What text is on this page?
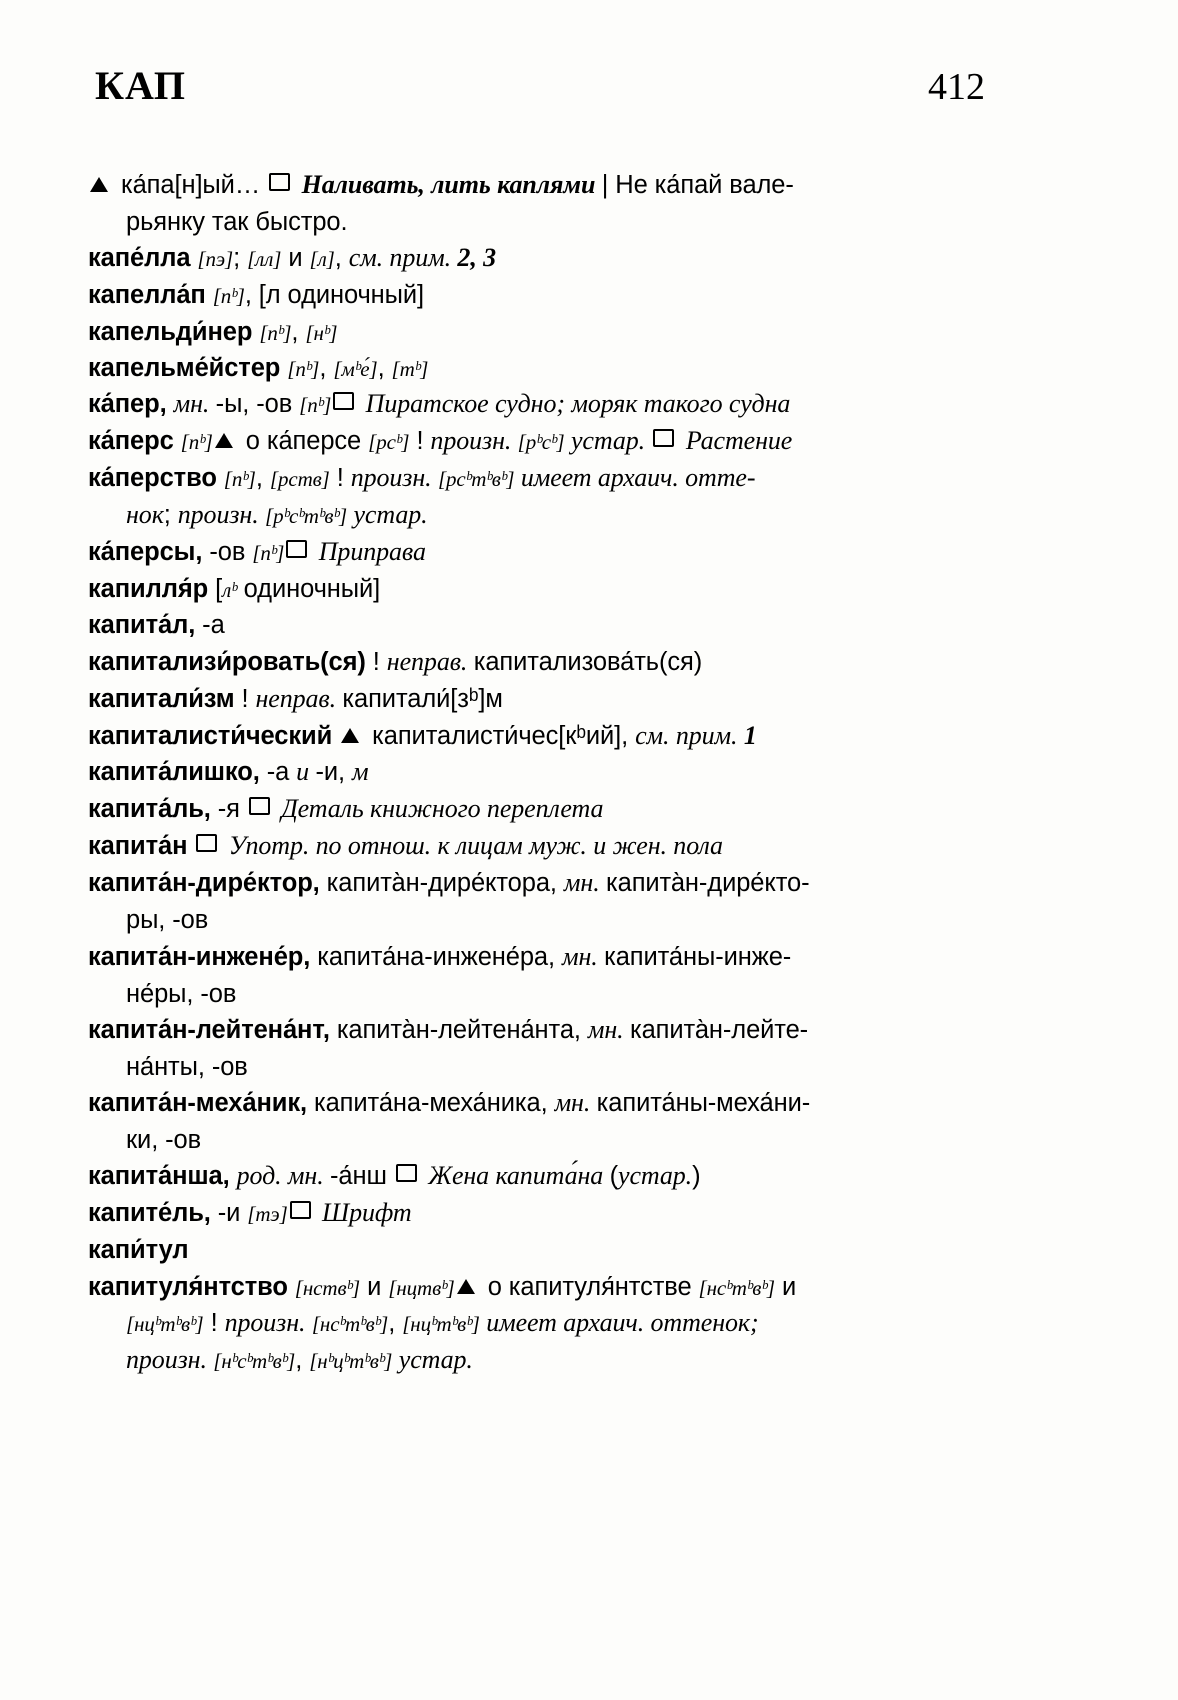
КАП	412
ка́па[н]ый…  Наливать, лить каплями | Не ка́пай вале-
рьянку так быстро.
капе́лла [пэ]; [лл] и [л], см. прим. 2, 3
капелла́п [пᵇ], [л одиночный]
капельди́нер [пᵇ], [нᵇ]
капельме́йстер [пᵇ], [мᵇе́], [тᵇ]
ка́пер, мн. -ы, -ов [пᵇ] Пиратское судно; моряк такого судна
ка́перс [пᵇ] о ка́персе [рсᵇ] ! произн. [рᵇсᵇ] устар.  Растение
ка́перство [пᵇ], [рств] ! произн. [рсᵇтᵇвᵇ] имеет архаич. отте-
нок; произн. [рᵇсᵇтᵇвᵇ] устар.
ка́персы, -ов [пᵇ] Приправа
капилля́р [лᵇ одиночный]
капита́л, -а
капитализи́ровать(ся) ! неправ. капитализова́ть(ся)
капитали́зм ! неправ. капитали́[зᵇ]м
капиталисти́ческий  капиталисти́чес[кᵇий], см. прим. 1
капита́лишко, -а и -и, м
капита́ль, -я  Деталь книжного переплета
капита́н  Употр. по отнош. к лицам муж. и жен. пола
капита́н-дире́ктор, капита̀н-дире́ктора, мн. капита̀н-дире́кто-
ры, -ов
капита́н-инжене́р, капита́на-инжене́ра, мн. капита́ны-инже-
не́ры, -ов
капита́н-лейтена́нт, капита̀н-лейтена́нта, мн. капита̀н-лейте-
на́нты, -ов
капита́н-меха́ник, капита́на-меха́ника, мн. капита́ны-меха́ни-
ки, -ов
капита́нша, род. мн. -а́нш  Жена капита́на (устар.)
капите́ль, -и [тэ] Шрифт
капи́тул
капитуля́нтство [нствᵇ] и [нцтвᵇ] о капитуля́нтстве [нсᵇтᵇвᵇ] и
[нцᵇтᵇвᵇ] ! произн. [нсᵇтᵇвᵇ], [нцᵇтᵇвᵇ] имеет архаич. оттенок;
произн. [нᵇсᵇтᵇвᵇ], [нᵇцᵇтᵇвᵇ] устар.
